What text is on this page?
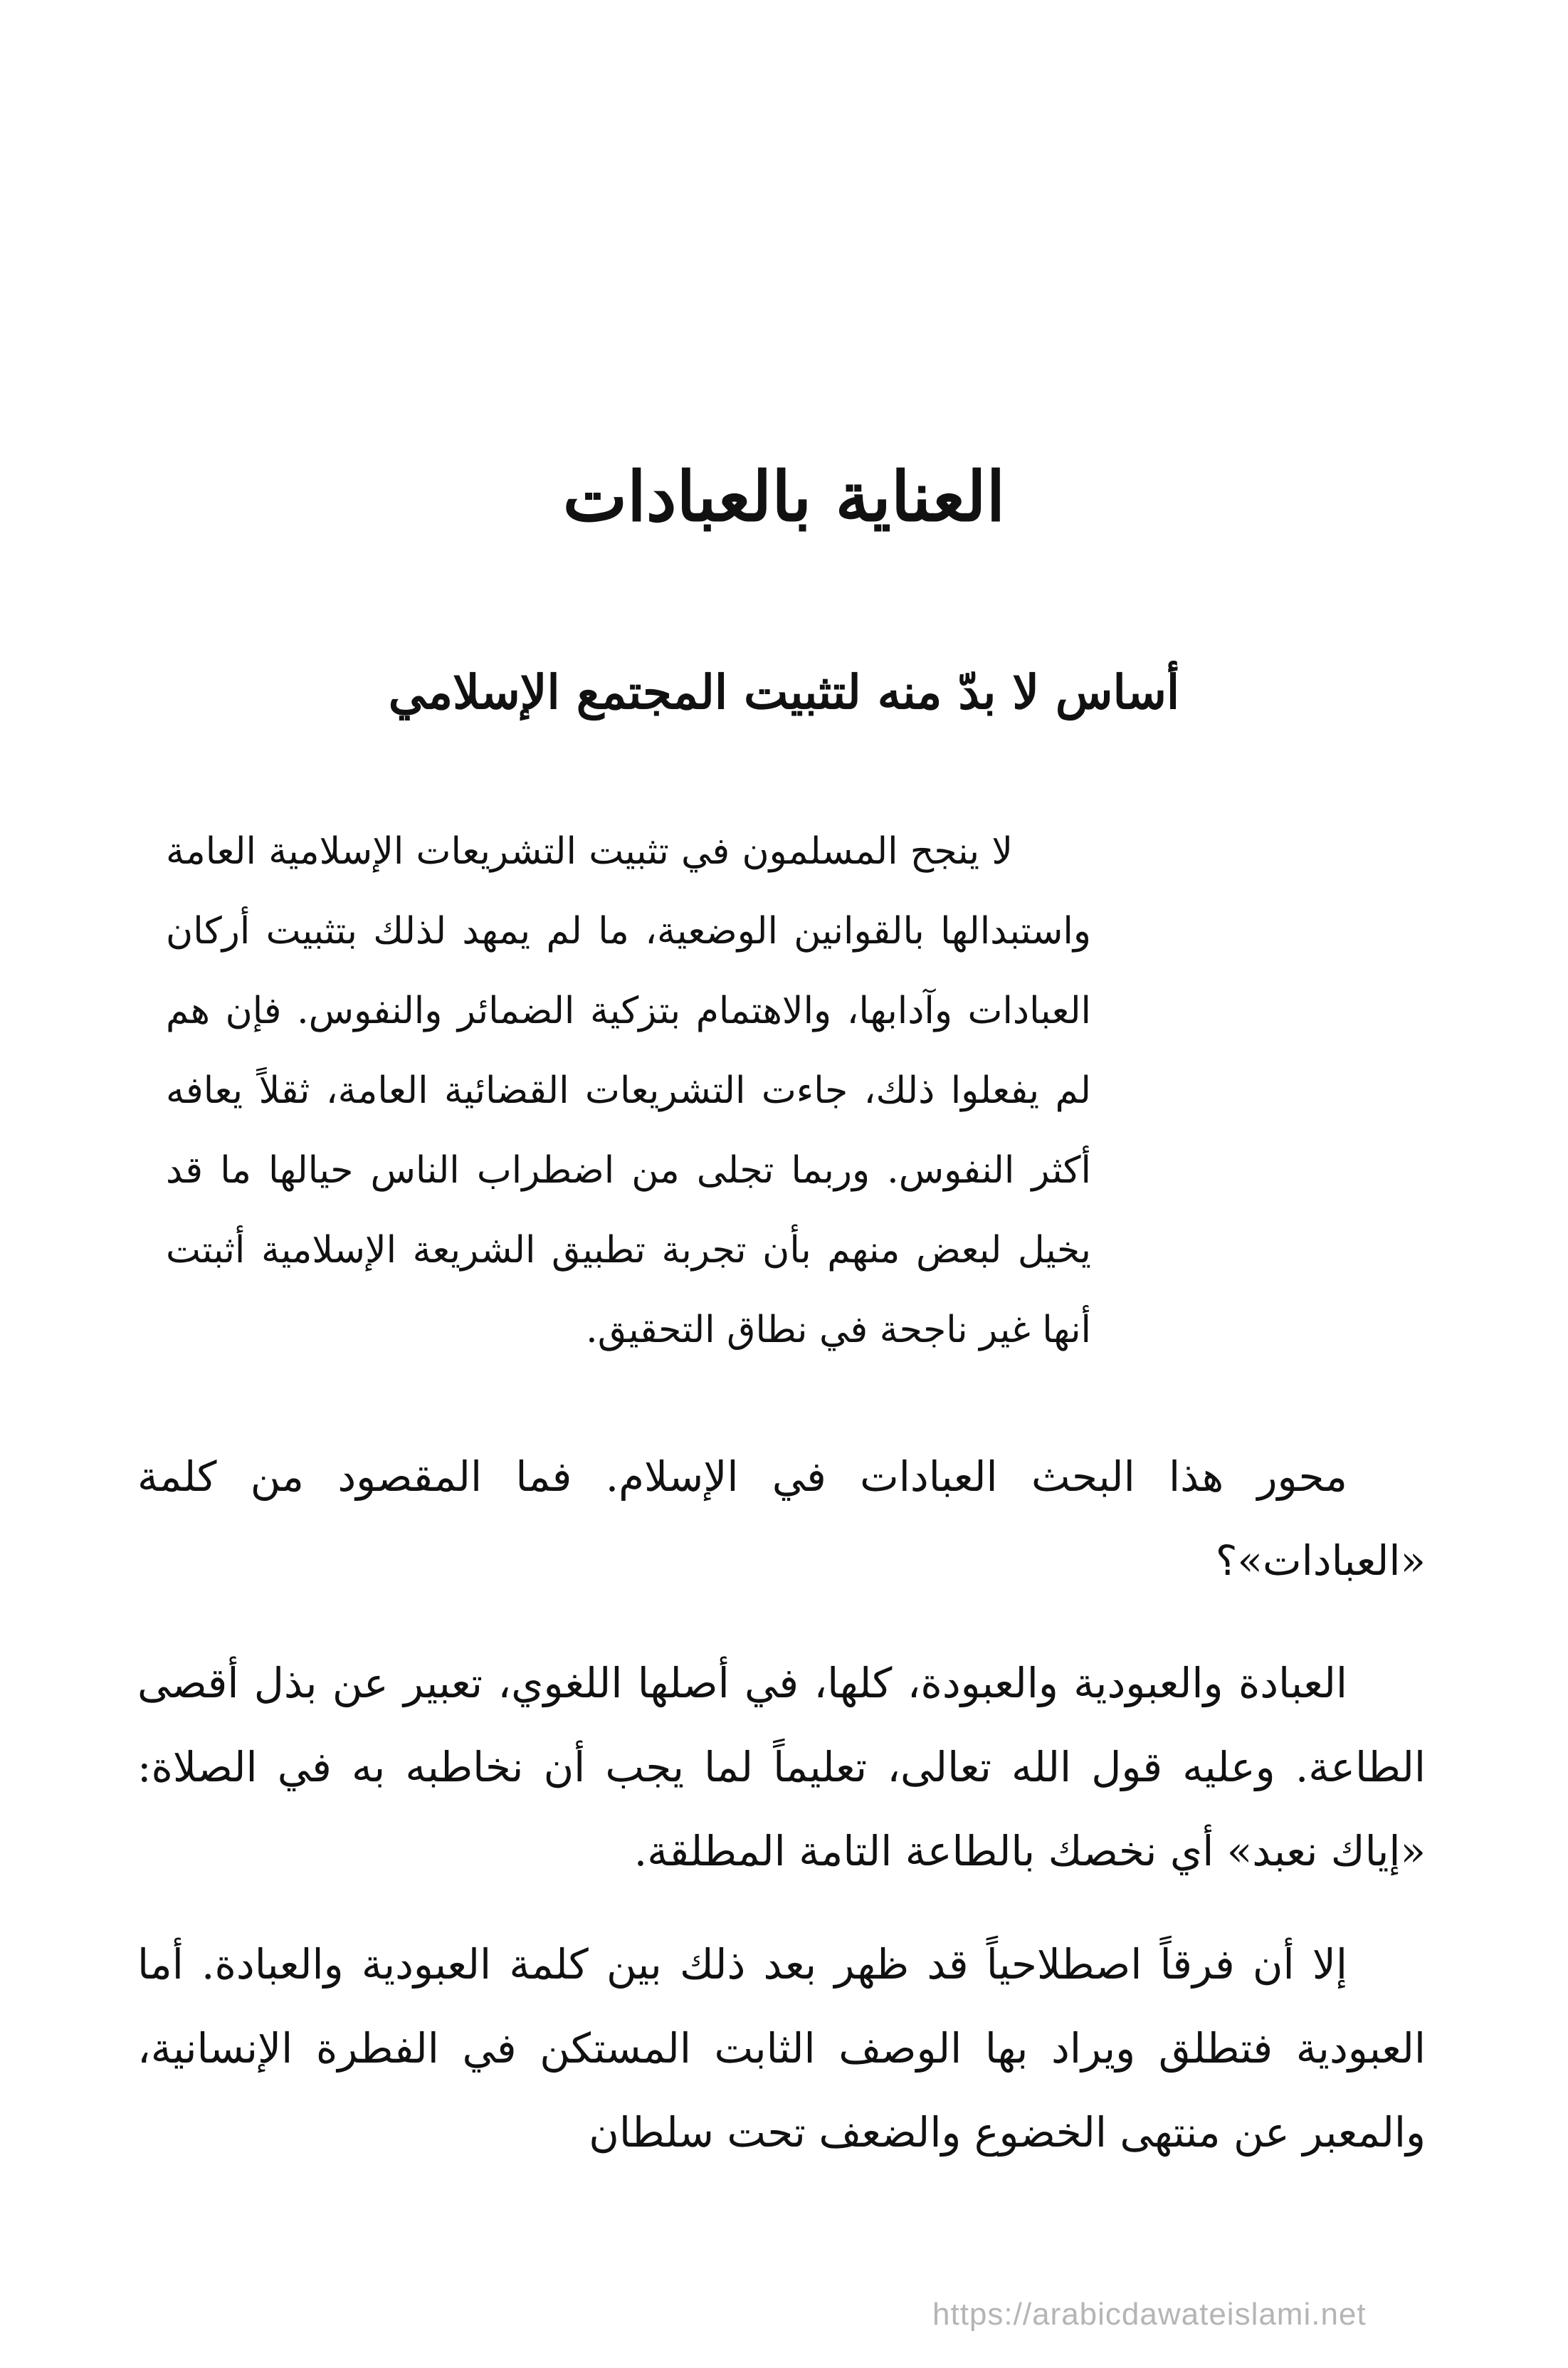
العناية بالعبادات
أساس لا بدّ منه لتثبيت المجتمع الإسلامي

لا ينجح المسلمون في تثبيت التشريعات الإسلامية العامة واستبدالها بالقوانين الوضعية، ما لم يمهد لذلك بتثبيت أركان العبادات وآدابها، والاهتمام بتزكية الضمائر والنفوس. فإن هم لم يفعلوا ذلك، جاءت التشريعات القضائية العامة، ثقلاً يعافه أكثر النفوس. وربما تجلى من اضطراب الناس حيالها ما قد يخيل لبعض منهم بأن تجربة تطبيق الشريعة الإسلامية أثبتت أنها غير ناجحة في نطاق التحقيق.

محور هذا البحث العبادات في الإسلام. فما المقصود من كلمة «العبادات»؟

العبادة والعبودية والعبودة، كلها، في أصلها اللغوي، تعبير عن بذل أقصى الطاعة. وعليه قول الله تعالى، تعليماً لما يجب أن نخاطبه به في الصلاة: «إياك نعبد» أي نخصك بالطاعة التامة المطلقة.

إلا أن فرقاً اصطلاحياً قد ظهر بعد ذلك بين كلمة العبودية والعبادة. أما العبودية فتطلق ويراد بها الوصف الثابت المستكن في الفطرة الإنسانية، والمعبر عن منتهى الخضوع والضعف تحت سلطان

https://arabicdawateislami.net
